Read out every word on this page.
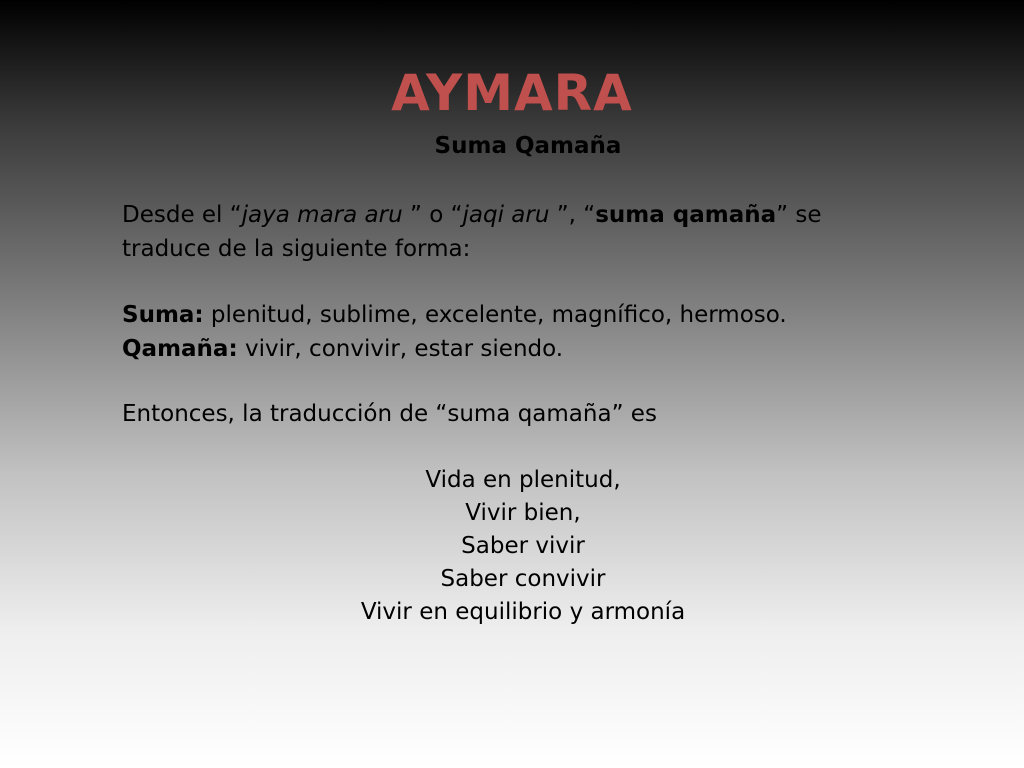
AYMARA
Suma Qamaña
Desde el “jaya mara aru ” o “jaqi aru ”, “suma qamaña” se
traduce de la siguiente forma:
Suma: plenitud, sublime, excelente, magnífico, hermoso.
Qamaña: vivir, convivir, estar siendo.
Entonces, la traducción de “suma qamaña” es
Vida en plenitud,
Vivir bien,
Saber vivir
Saber convivir
Vivir en equilibrio y armonía
